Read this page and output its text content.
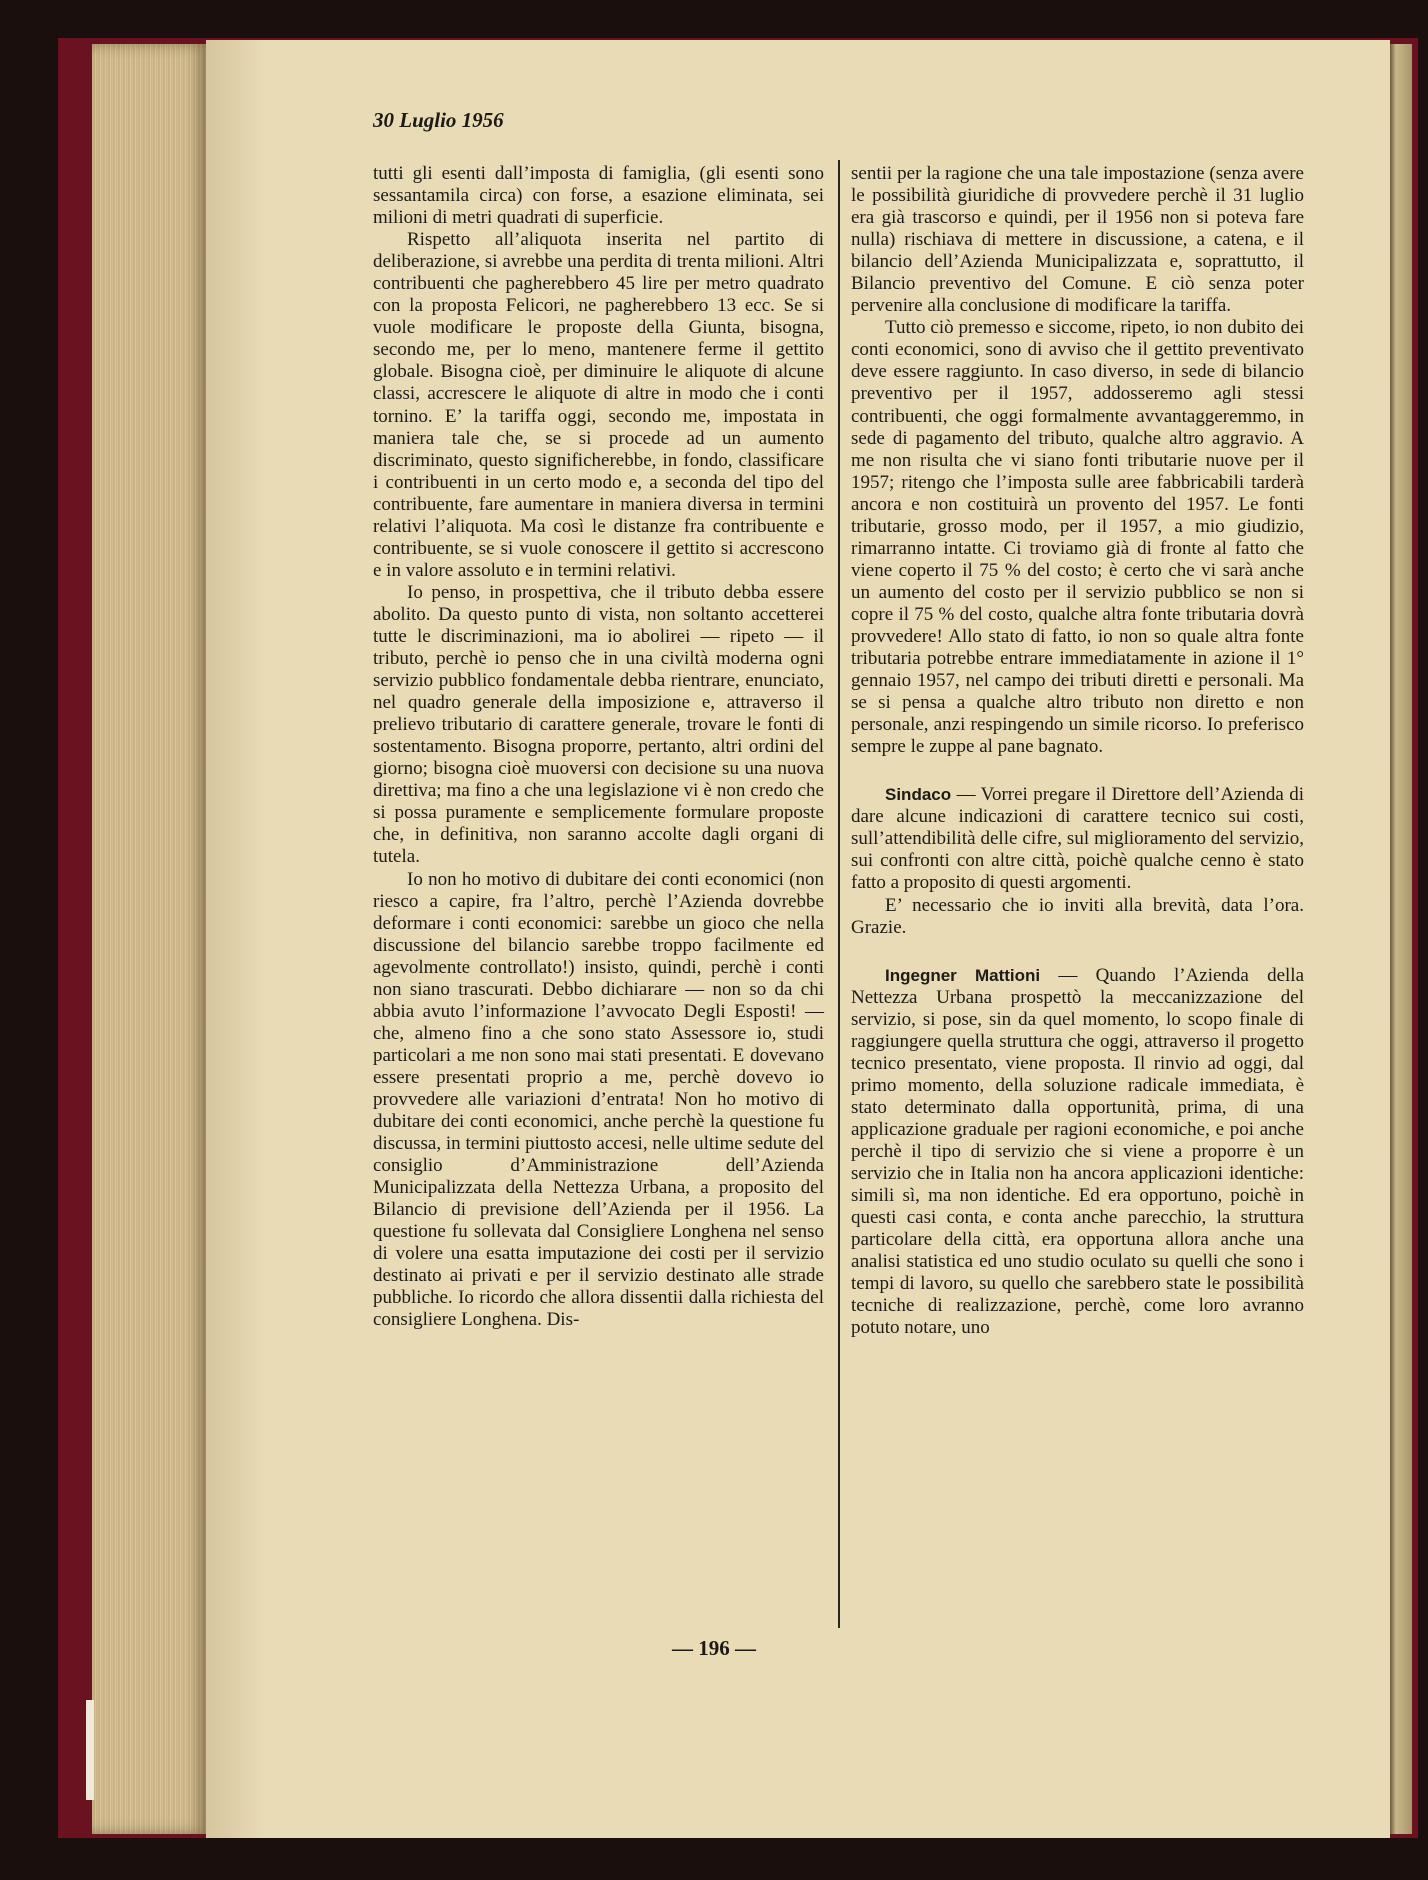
30 Luglio 1956

tutti gli esenti dall’imposta di famiglia, (gli esenti sono sessantamila circa) con forse, a esazione eliminata, sei milioni di metri quadrati di superficie.

Rispetto all’aliquota inserita nel partito di deliberazione, si avrebbe una perdita di trenta milioni. Altri contribuenti che pagherebbero 45 lire per metro quadrato con la proposta Felicori, ne pagherebbero 13 ecc. Se si vuole modificare le proposte della Giunta, bisogna, secondo me, per lo meno, mantenere ferme il gettito globale. Bisogna cioè, per diminuire le aliquote di alcune classi, accrescere le aliquote di altre in modo che i conti tornino. E’ la tariffa oggi, secondo me, impostata in maniera tale che, se si procede ad un aumento discriminato, questo significherebbe, in fondo, classificare i contribuenti in un certo modo e, a seconda del tipo del contribuente, fare aumentare in maniera diversa in termini relativi l’aliquota. Ma così le distanze fra contribuente e contribuente, se si vuole conoscere il gettito si accrescono e in valore assoluto e in termini relativi.

Io penso, in prospettiva, che il tributo debba essere abolito. Da questo punto di vista, non soltanto accetterei tutte le discriminazioni, ma io abolirei — ripeto — il tributo, perchè io penso che in una civiltà moderna ogni servizio pubblico fondamentale debba rientrare, enunciato, nel quadro generale della imposizione e, attraverso il prelievo tributario di carattere generale, trovare le fonti di sostentamento. Bisogna proporre, pertanto, altri ordini del giorno; bisogna cioè muoversi con decisione su una nuova direttiva; ma fino a che una legislazione vi è non credo che si possa puramente e semplicemente formulare proposte che, in definitiva, non saranno accolte dagli organi di tutela.

Io non ho motivo di dubitare dei conti economici (non riesco a capire, fra l’altro, perchè l’Azienda dovrebbe deformare i conti economici: sarebbe un gioco che nella discussione del bilancio sarebbe troppo facilmente ed agevolmente controllato!) insisto, quindi, perchè i conti non siano trascurati. Debbo dichiarare — non so da chi abbia avuto l’informazione l’avvocato Degli Esposti! — che, almeno fino a che sono stato Assessore io, studi particolari a me non sono mai stati presentati. E dovevano essere presentati proprio a me, perchè dovevo io provvedere alle variazioni d’entrata! Non ho motivo di dubitare dei conti economici, anche perchè la questione fu discussa, in termini piuttosto accesi, nelle ultime sedute del consiglio d’Amministrazione dell’Azienda Municipalizzata della Nettezza Urbana, a proposito del Bilancio di previsione dell’Azienda per il 1956. La questione fu sollevata dal Consigliere Longhena nel senso di volere una esatta imputazione dei costi per il servizio destinato ai privati e per il servizio destinato alle strade pubbliche. Io ricordo che allora dissentii dalla richiesta del consigliere Longhena. Dis-

sentii per la ragione che una tale impostazione (senza avere le possibilità giuridiche di provvedere perchè il 31 luglio era già trascorso e quindi, per il 1956 non si poteva fare nulla) rischiava di mettere in discussione, a catena, e il bilancio dell’Azienda Municipalizzata e, soprattutto, il Bilancio preventivo del Comune. E ciò senza poter pervenire alla conclusione di modificare la tariffa.

Tutto ciò premesso e siccome, ripeto, io non dubito dei conti economici, sono di avviso che il gettito preventivato deve essere raggiunto. In caso diverso, in sede di bilancio preventivo per il 1957, addosseremo agli stessi contribuenti, che oggi formalmente avvantaggeremmo, in sede di pagamento del tributo, qualche altro aggravio. A me non risulta che vi siano fonti tributarie nuove per il 1957; ritengo che l’imposta sulle aree fabbricabili tarderà ancora e non costituirà un provento del 1957. Le fonti tributarie, grosso modo, per il 1957, a mio giudizio, rimarranno intatte. Ci troviamo già di fronte al fatto che viene coperto il 75 % del costo; è certo che vi sarà anche un aumento del costo per il servizio pubblico se non si copre il 75 % del costo, qualche altra fonte tributaria dovrà provvedere! Allo stato di fatto, io non so quale altra fonte tributaria potrebbe entrare immediatamente in azione il 1° gennaio 1957, nel campo dei tributi diretti e personali. Ma se si pensa a qualche altro tributo non diretto e non personale, anzi respingendo un simile ricorso. Io preferisco sempre le zuppe al pane bagnato.

Sindaco — Vorrei pregare il Direttore dell’Azienda di dare alcune indicazioni di carattere tecnico sui costi, sull’attendibilità delle cifre, sul miglioramento del servizio, sui confronti con altre città, poichè qualche cenno è stato fatto a proposito di questi argomenti.

E’ necessario che io inviti alla brevità, data l’ora. Grazie.

Ingegner Mattioni — Quando l’Azienda della Nettezza Urbana prospettò la meccanizzazione del servizio, si pose, sin da quel momento, lo scopo finale di raggiungere quella struttura che oggi, attraverso il progetto tecnico presentato, viene proposta. Il rinvio ad oggi, dal primo momento, della soluzione radicale immediata, è stato determinato dalla opportunità, prima, di una applicazione graduale per ragioni economiche, e poi anche perchè il tipo di servizio che si viene a proporre è un servizio che in Italia non ha ancora applicazioni identiche: simili sì, ma non identiche. Ed era opportuno, poichè in questi casi conta, e conta anche parecchio, la struttura particolare della città, era opportuna allora anche una analisi statistica ed uno studio oculato su quelli che sono i tempi di lavoro, su quello che sarebbero state le possibilità tecniche di realizzazione, perchè, come loro avranno potuto notare, uno

— 196 —
